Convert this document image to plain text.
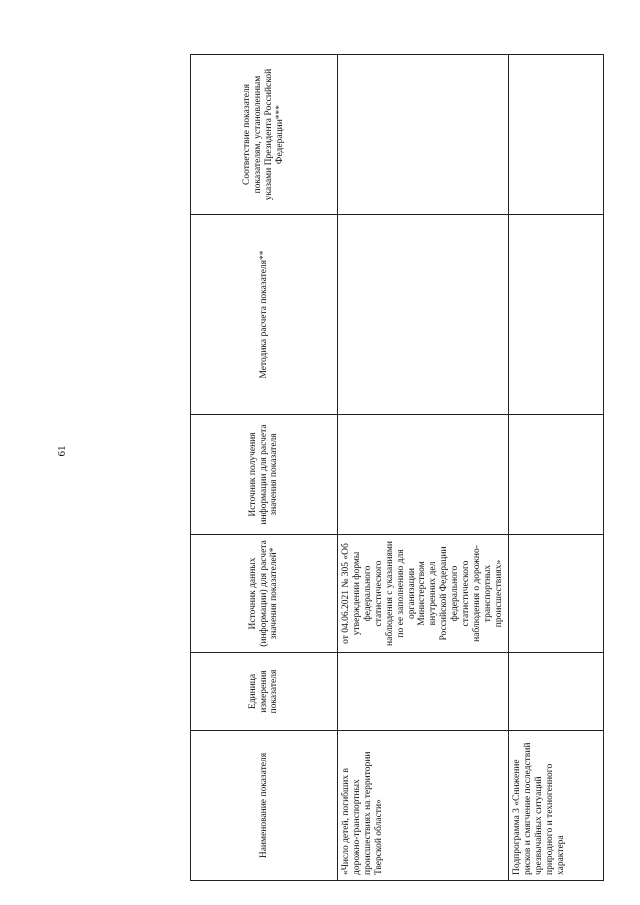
61
Наименование показателя	Единица измерения показателя	Источник данных (информации) для расчета значения показателей*	Источник получения информации для расчета значения показателя	Методика расчета показателя**	Соответствие показателя показателям, установленным указами Президента Российской Федерации***
«Число детей, погибших в дорожно-транспортных происшествиях на территории Тверской области»		от 04.06.2021 № 305 «Об утверждении формы федерального статистического наблюдения с указаниями по ее заполнению для организации Министерством внутренних дел Российской Федерации федерального статистического наблюдения о дорожно-транспортных происшествиях»			
Подпрограмма 3 «Снижение рисков и смягчение последствий чрезвычайных ситуаций природного и техногенного характера					
